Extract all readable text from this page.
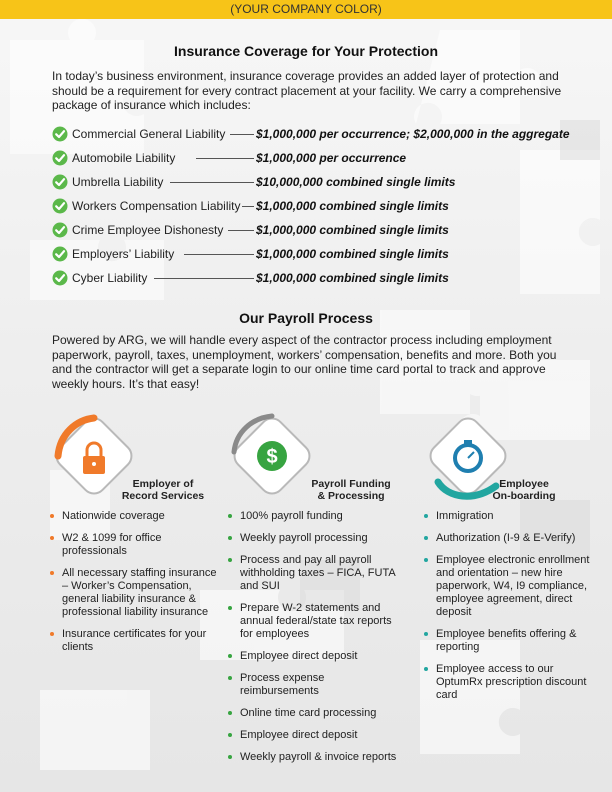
(YOUR COMPANY COLOR)
Insurance Coverage for Your Protection

In today’s business environment, insurance coverage provides an added layer of protection and should be a requirement for every contract placement at your facility. We carry a comprehensive package of insurance which includes:

Commercial General Liability	$1,000,000 per occurrence; $2,000,000 in the aggregate
Automobile Liability	$1,000,000 per occurrence
Umbrella Liability	$10,000,000 combined single limits
Workers Compensation Liability $1,000,000 combined single limits
Crime Employee Dishonesty	$1,000,000 combined single limits
Employers’ Liability	$1,000,000 combined single limits
Cyber Liability	$1,000,000 combined single limits
Our Payroll Process

Powered by ARG, we will handle every aspect of the contractor process including employment paperwork, payroll, taxes, unemployment, workers’ compensation, benefits and more. Both you and the contractor will get a separate login to our online time card portal to track and approve weekly hours. It’s that easy!

Employer of
Record Services
Nationwide coverage
W2 & 1099 for office professionals
All necessary staffing insurance – Worker’s Compensation, general liability insurance & professional liability insurance
Insurance certificates for your clients
$
Payroll Funding
& Processing
100% payroll funding
Weekly payroll processing
Process and pay all payroll withholding taxes – FICA, FUTA and SUI
Prepare W-2 statements and annual federal/state tax reports for employees
Employee direct deposit
Process expense reimbursements
Online time card processing
Employee direct deposit
Weekly payroll & invoice reports
Employee
On-boarding
Immigration
Authorization (I-9 & E-Verify)
Employee electronic enrollment and orientation – new hire paperwork, W4, I9 compliance, employee agreement, direct deposit
Employee benefits offering & reporting
Employee access to our OptumRx prescription discount card
